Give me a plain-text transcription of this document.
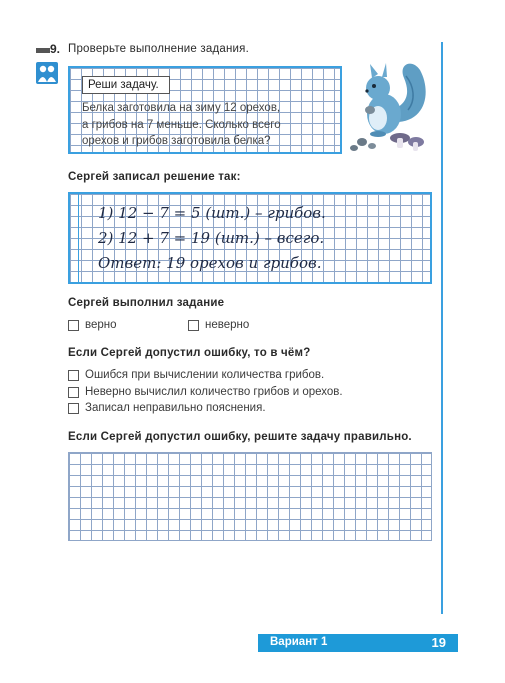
9. Проверьте выполнение задания.
Реши задачу.
Белка заготовила на зиму 12 орехов,
а грибов на 7 меньше. Сколько всего
орехов и грибов заготовила белка?
Сергей записал решение так:
1) 12 − 7 = 5 (шт.) – грибов.
2) 12 + 7 = 19 (шт.) – всего.
Ответ: 19 орехов и грибов.
Сергей выполнил задание
верно	неверно
Если Сергей допустил ошибку, то в чём?
Ошибся при вычислении количества грибов.
Неверно вычислил количество грибов и орехов.
Записал неправильно пояснения.
Если Сергей допустил ошибку, решите задачу правильно.
Вариант 1	19
